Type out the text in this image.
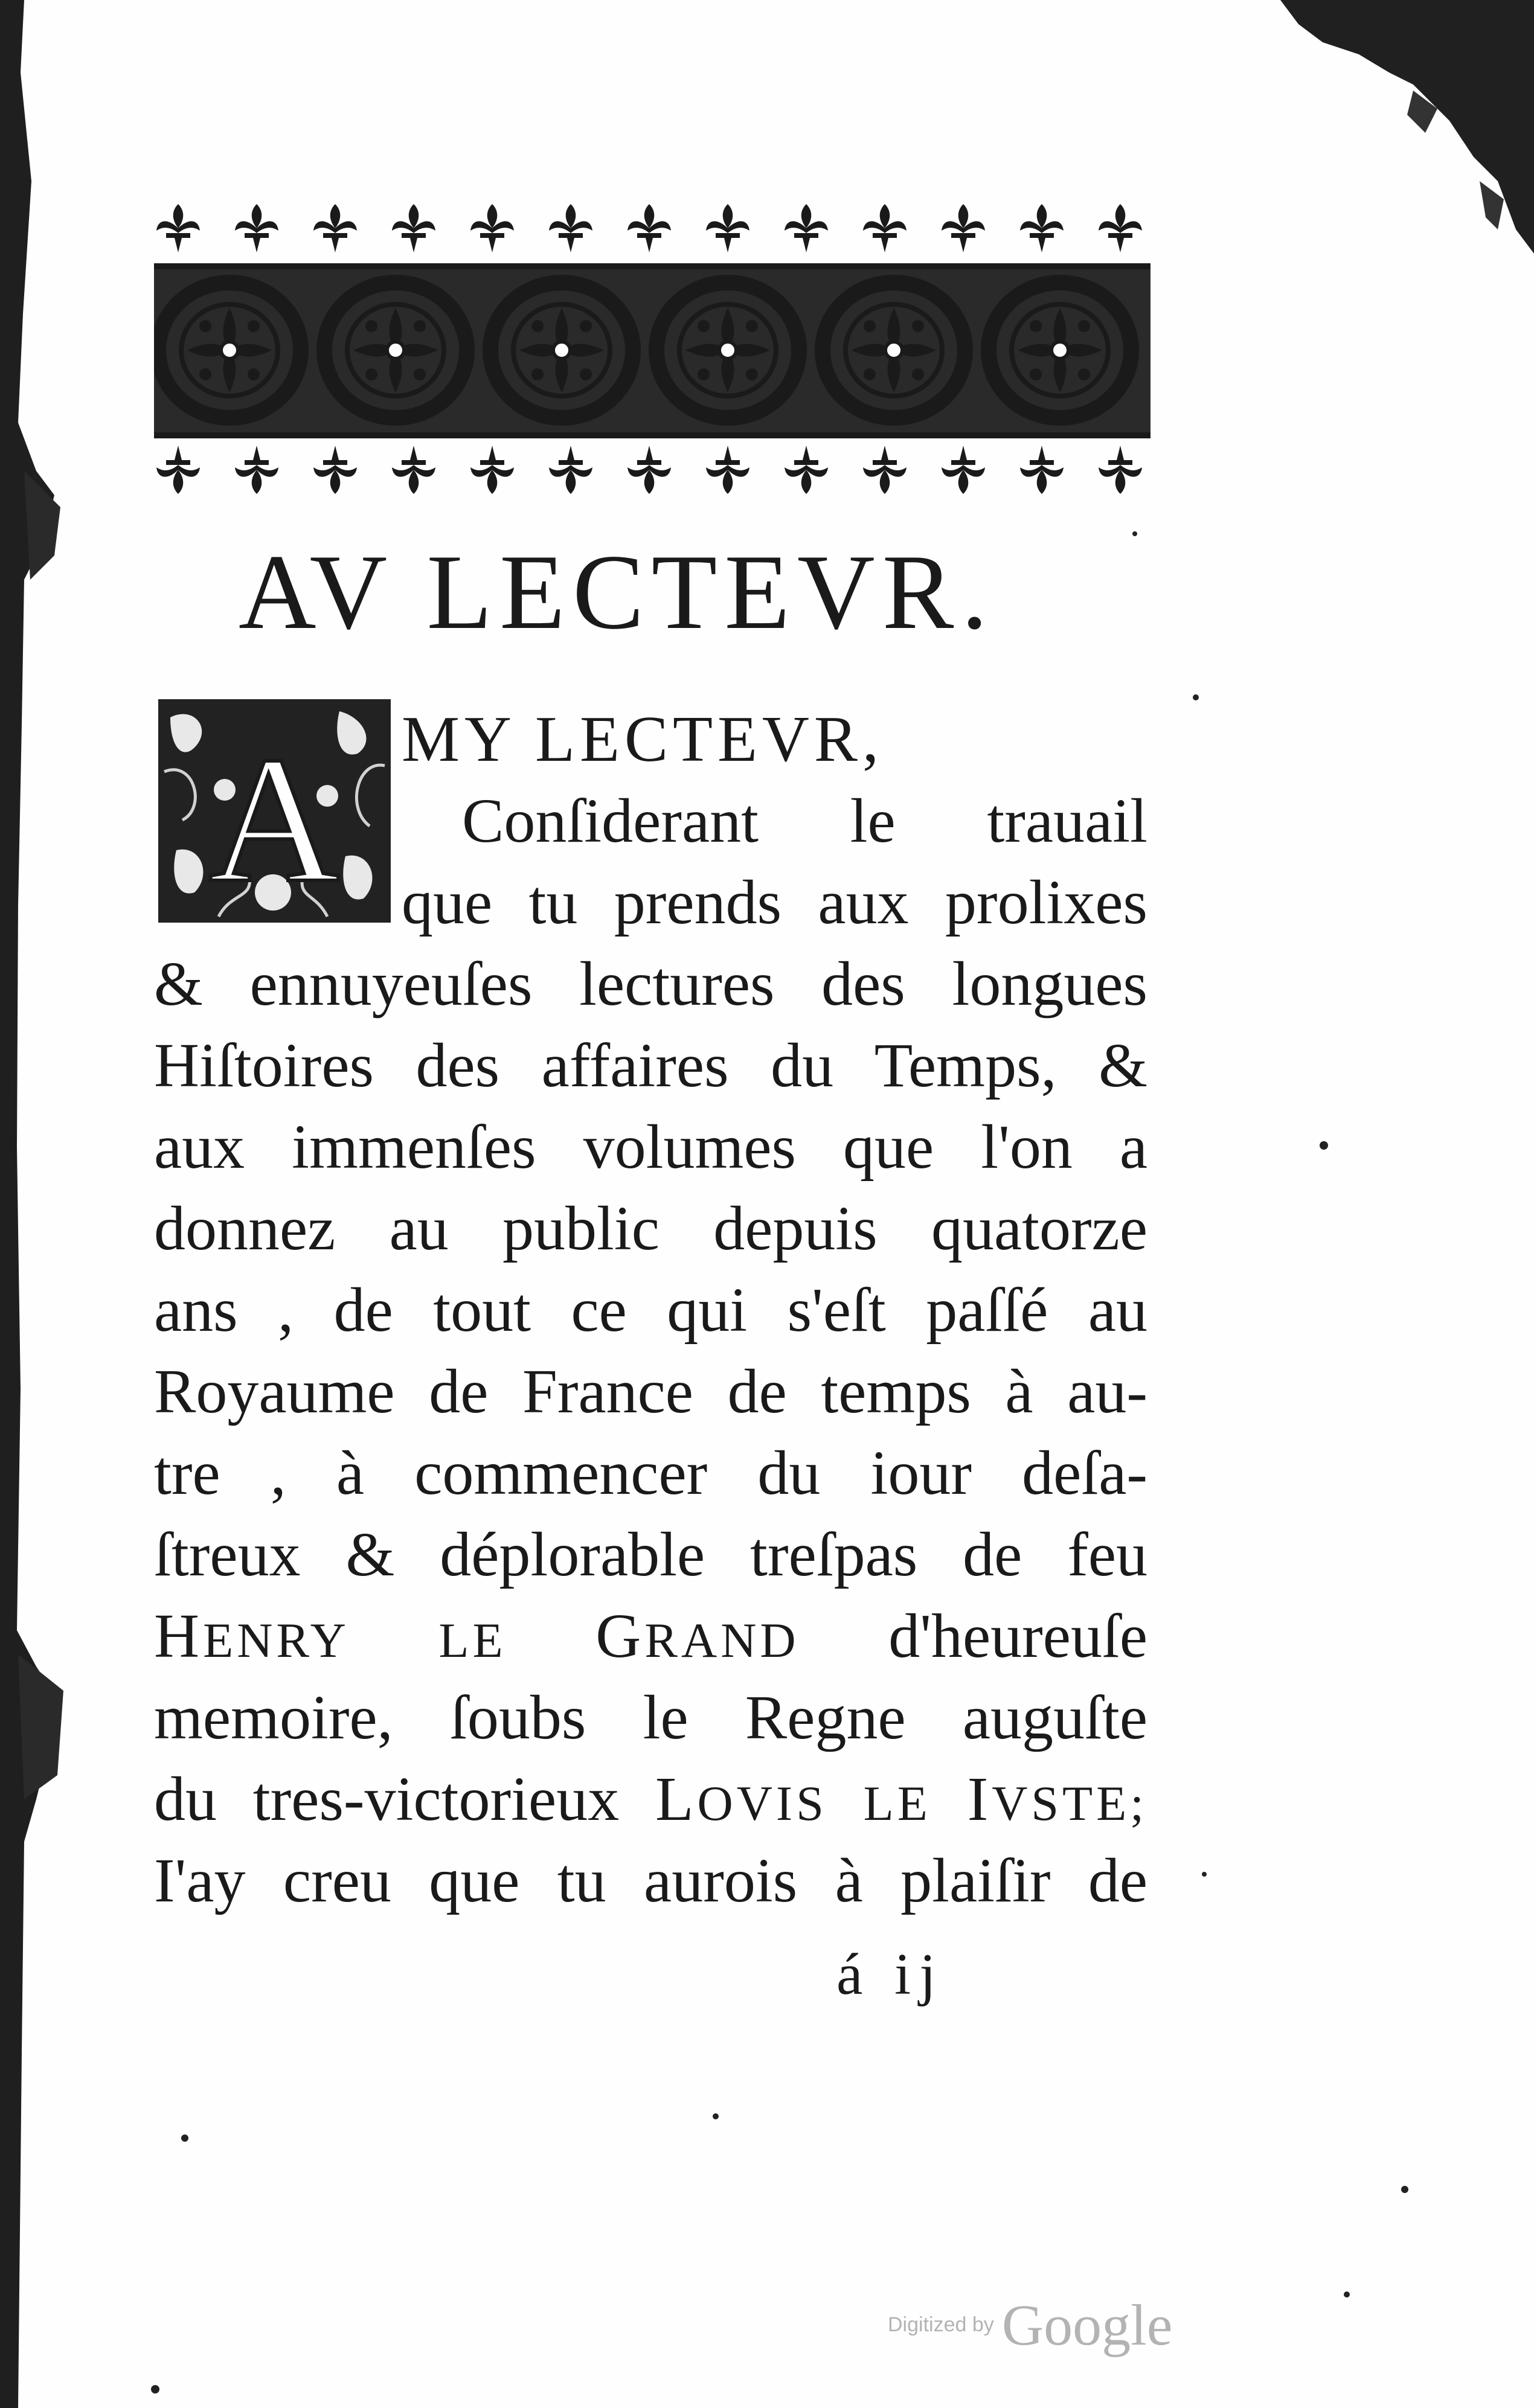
AV LECTEVR.
A MY LECTEVR,
Conſiderant le trauail
que tu prends aux prolixes
& ennuyeuſes lectures des longues
Hiſtoires des affaires du Temps, &
aux immenſes volumes que l'on a
donnez au public depuis quatorze
ans , de tout ce qui s'eſt paſſé au
Royaume de France de temps à au-
tre , à commencer du iour deſa-
ſtreux & déplorable treſpas de feu
HENRY LE GRAND d'heureuſe
memoire, ſoubs le Regne auguſte
du tres-victorieux LOVIS LE IVSTE;
I'ay creu que tu aurois à plaiſir de
á ij
Digitized by Google
